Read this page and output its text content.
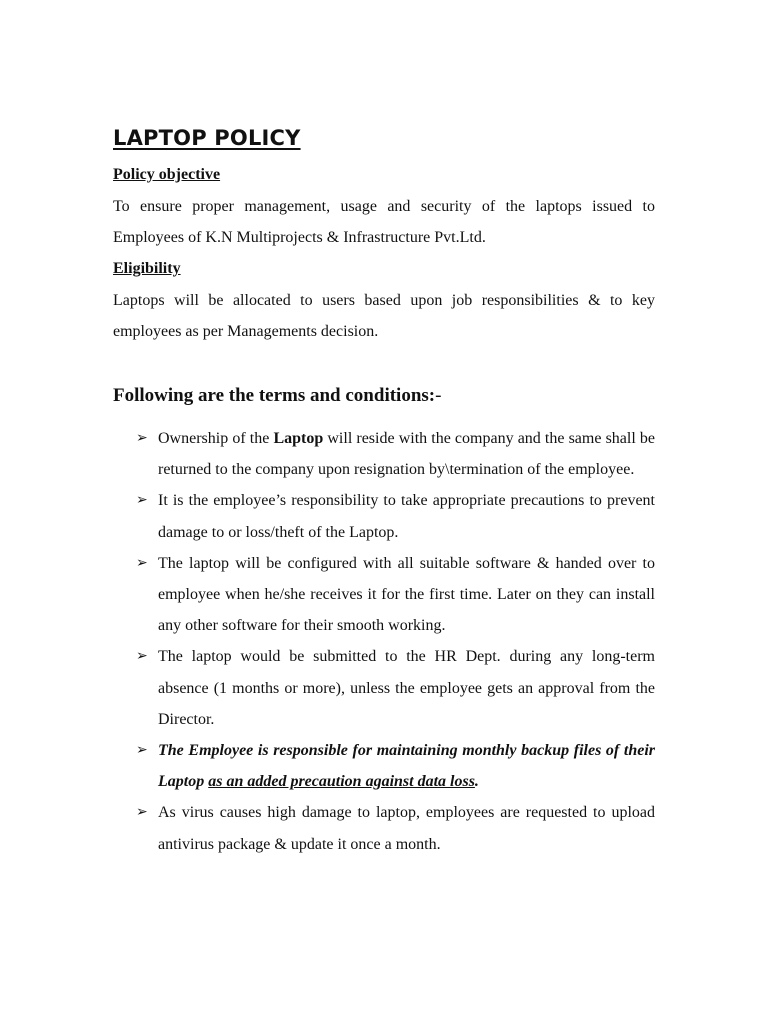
LAPTOP POLICY

Policy objective

To ensure proper management, usage and security of the laptops issued to Employees of K.N Multiprojects & Infrastructure Pvt.Ltd.

Eligibility

Laptops will be allocated to users based upon job responsibilities & to key employees as per Managements decision.

Following are the terms and conditions:-

➢ Ownership of the Laptop will reside with the company and the same shall be returned to the company upon resignation by\termination of the employee.
➢ It is the employee’s responsibility to take appropriate precautions to prevent damage to or loss/theft of the Laptop.
➢ The laptop will be configured with all suitable software & handed over to employee when he/she receives it for the first time. Later on they can install any other software for their smooth working.
➢ The laptop would be submitted to the HR Dept. during any long-term absence (1 months or more), unless the employee gets an approval from the Director.
➢ The Employee is responsible for maintaining monthly backup files of their Laptop as an added precaution against data loss.
➢ As virus causes high damage to laptop, employees are requested to upload antivirus package & update it once a month.
